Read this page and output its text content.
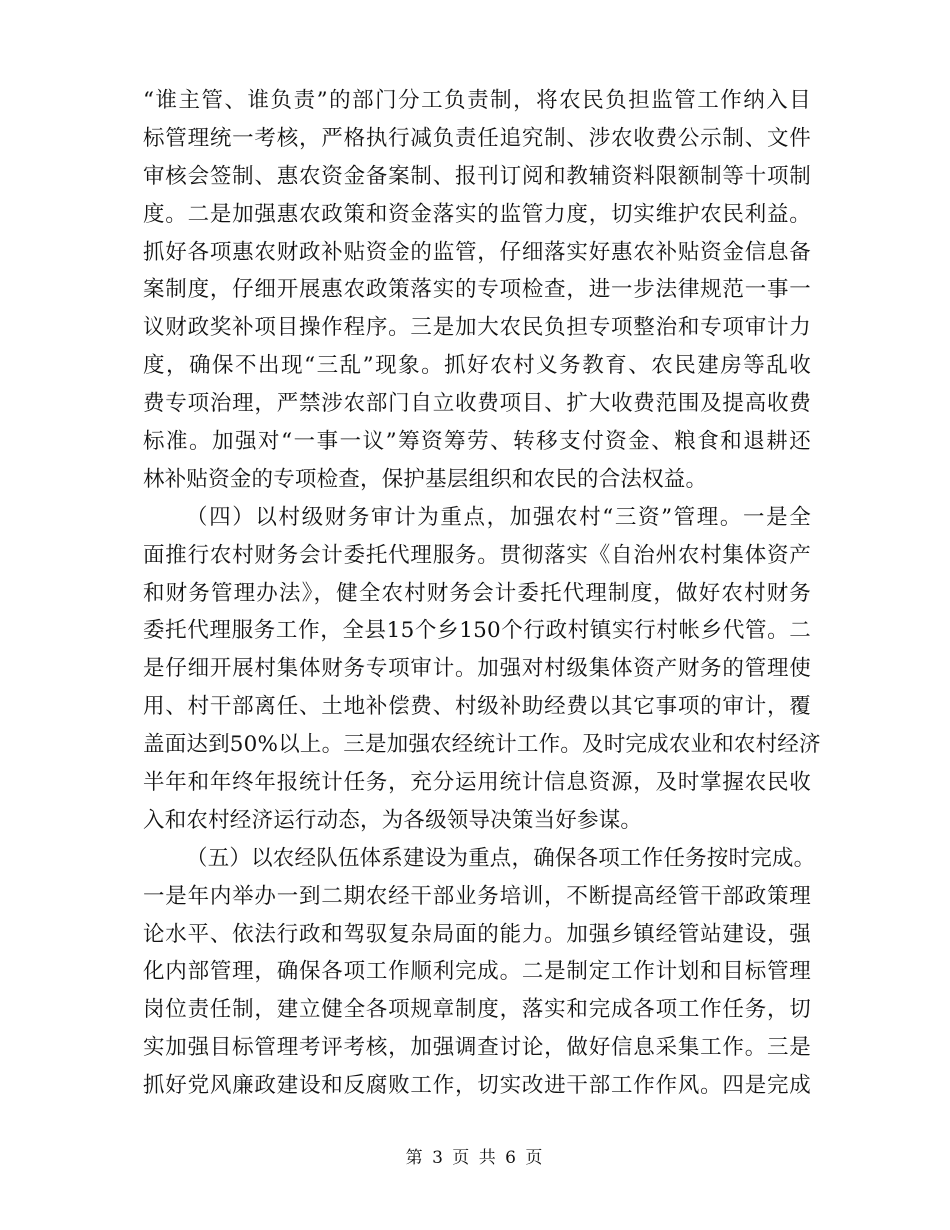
“谁主管、谁负责”的部门分工负责制，将农民负担监管工作纳入目
标管理统一考核，严格执行减负责任追究制、涉农收费公示制、文件
审核会签制、惠农资金备案制、报刊订阅和教辅资料限额制等十项制
度。二是加强惠农政策和资金落实的监管力度，切实维护农民利益。
抓好各项惠农财政补贴资金的监管，仔细落实好惠农补贴资金信息备
案制度，仔细开展惠农政策落实的专项检查，进一步法律规范一事一
议财政奖补项目操作程序。三是加大农民负担专项整治和专项审计力
度，确保不出现“三乱”现象。抓好农村义务教育、农民建房等乱收
费专项治理，严禁涉农部门自立收费项目、扩大收费范围及提高收费
标准。加强对“一事一议”筹资筹劳、转移支付资金、粮食和退耕还
林补贴资金的专项检查，保护基层组织和农民的合法权益。
（四）以村级财务审计为重点，加强农村“三资”管理。一是全
面推行农村财务会计委托代理服务。贯彻落实《自治州农村集体资产
和财务管理办法》，健全农村财务会计委托代理制度，做好农村财务
委托代理服务工作，全县15个乡150个行政村镇实行村帐乡代管。二
是仔细开展村集体财务专项审计。加强对村级集体资产财务的管理使
用、村干部离任、土地补偿费、村级补助经费以其它事项的审计，覆
盖面达到50%以上。三是加强农经统计工作。及时完成农业和农村经济
半年和年终年报统计任务，充分运用统计信息资源，及时掌握农民收
入和农村经济运行动态，为各级领导决策当好参谋。
（五）以农经队伍体系建设为重点，确保各项工作任务按时完成。
一是年内举办一到二期农经干部业务培训，不断提高经管干部政策理
论水平、依法行政和驾驭复杂局面的能力。加强乡镇经管站建设，强
化内部管理，确保各项工作顺利完成。二是制定工作计划和目标管理
岗位责任制，建立健全各项规章制度，落实和完成各项工作任务，切
实加强目标管理考评考核，加强调查讨论，做好信息采集工作。三是
抓好党风廉政建设和反腐败工作，切实改进干部工作作风。四是完成
第 3 页 共 6 页
